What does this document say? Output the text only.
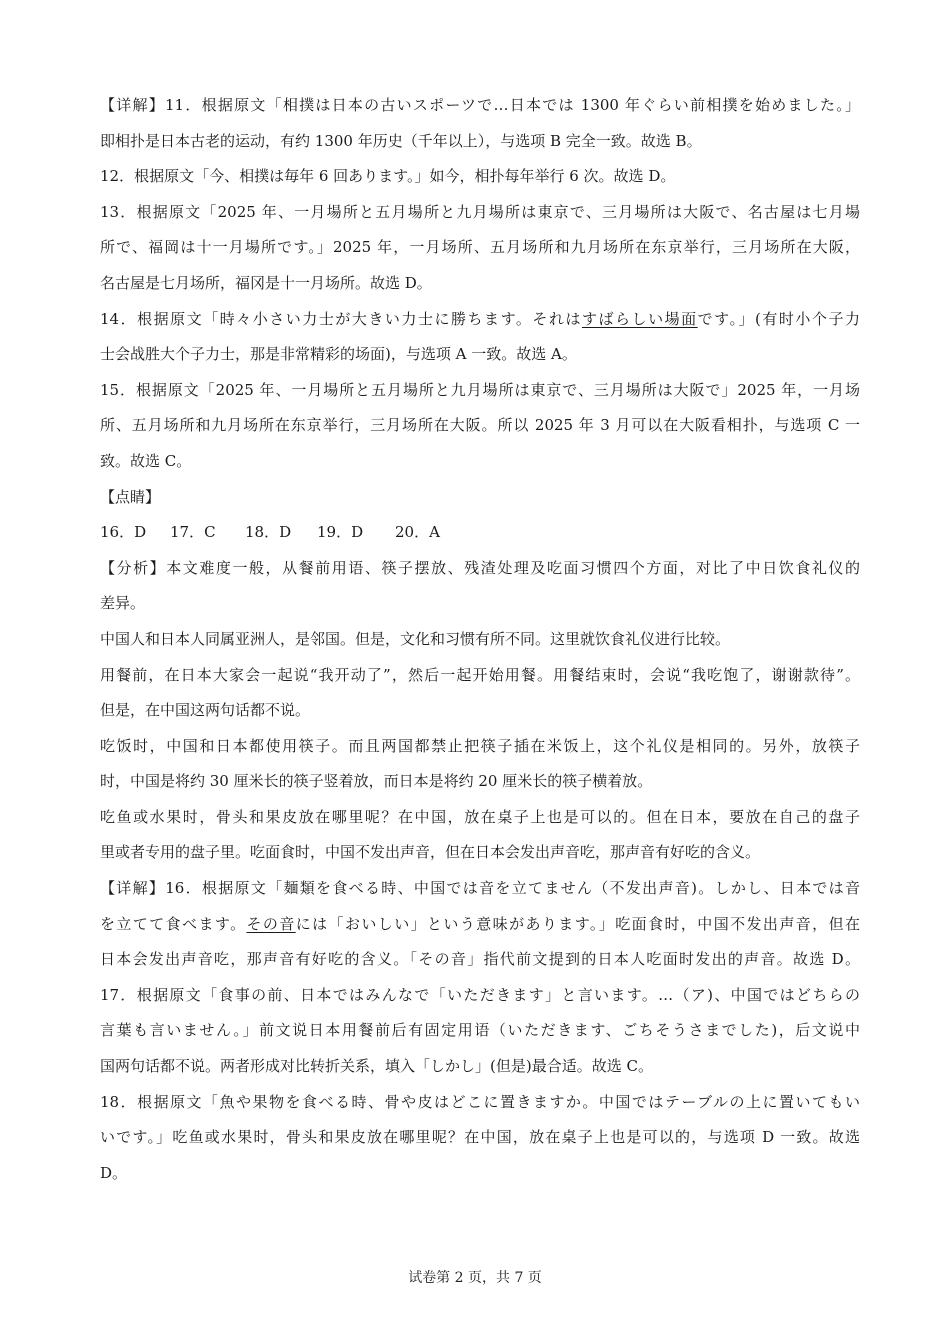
【详解】11．根据原文「相撲は日本の古いスポーツで…日本では 1300 年ぐらい前相撲を始めました。」
即相扑是日本古老的运动，有约 1300 年历史（千年以上），与选项 B 完全一致。故选 B。
12．根据原文「今、相撲は毎年 6 回あります。」如今，相扑每年举行 6 次。故选 D。
13．根据原文「2025 年、一月場所と五月場所と九月場所は東京で、三月場所は大阪で、名古屋は七月場
所で、福岡は十一月場所です。」2025 年，一月场所、五月场所和九月场所在东京举行，三月场所在大阪，
名古屋是七月场所，福冈是十一月场所。故选 D。
14．根据原文「時々小さい力士が大きい力士に勝ちます。それはすばらしい場面です。」(有时小个子力
士会战胜大个子力士，那是非常精彩的场面)，与选项 A 一致。故选 A。
15．根据原文「2025 年、一月場所と五月場所と九月場所は東京で、三月場所は大阪で」2025 年，一月场
所、五月场所和九月场所在东京举行，三月场所在大阪。所以 2025 年 3 月可以在大阪看相扑，与选项 C 一
致。故选 C。
【点睛】
16．D 17．C 18．D 19．D 20．A
【分析】本文难度一般，从餐前用语、筷子摆放、残渣处理及吃面习惯四个方面，对比了中日饮食礼仪的
差异。
中国人和日本人同属亚洲人，是邻国。但是，文化和习惯有所不同。这里就饮食礼仪进行比较。
用餐前，在日本大家会一起说“我开动了”，然后一起开始用餐。用餐结束时，会说“我吃饱了，谢谢款待”。
但是，在中国这两句话都不说。
吃饭时，中国和日本都使用筷子。而且两国都禁止把筷子插在米饭上，这个礼仪是相同的。另外，放筷子
时，中国是将约 30 厘米长的筷子竖着放，而日本是将约 20 厘米长的筷子横着放。
吃鱼或水果时，骨头和果皮放在哪里呢？在中国，放在桌子上也是可以的。但在日本，要放在自己的盘子
里或者专用的盘子里。吃面食时，中国不发出声音，但在日本会发出声音吃，那声音有好吃的含义。
【详解】16．根据原文「麺類を食べる時、中国では音を立てません（不发出声音)。しかし、日本では音
を立てて食べます。その音には「おいしい」という意味があります。」吃面食时，中国不发出声音，但在
日本会发出声音吃，那声音有好吃的含义。「その音」指代前文提到的日本人吃面时发出的声音。故选 D。
17．根据原文「食事の前、日本ではみんなで「いただきます」と言います。…（ア)、中国ではどちらの
言葉も言いません。」前文说日本用餐前后有固定用语（いただきます、ごちそうさまでした)，后文说中
国两句话都不说。两者形成对比转折关系，填入「しかし」(但是)最合适。故选 C。
18．根据原文「魚や果物を食べる時、骨や皮はどこに置きますか。中国ではテーブルの上に置いてもい
いです。」吃鱼或水果时，骨头和果皮放在哪里呢？在中国，放在桌子上也是可以的，与选项 D 一致。故选
D。
试卷第 2 页，共 7 页
